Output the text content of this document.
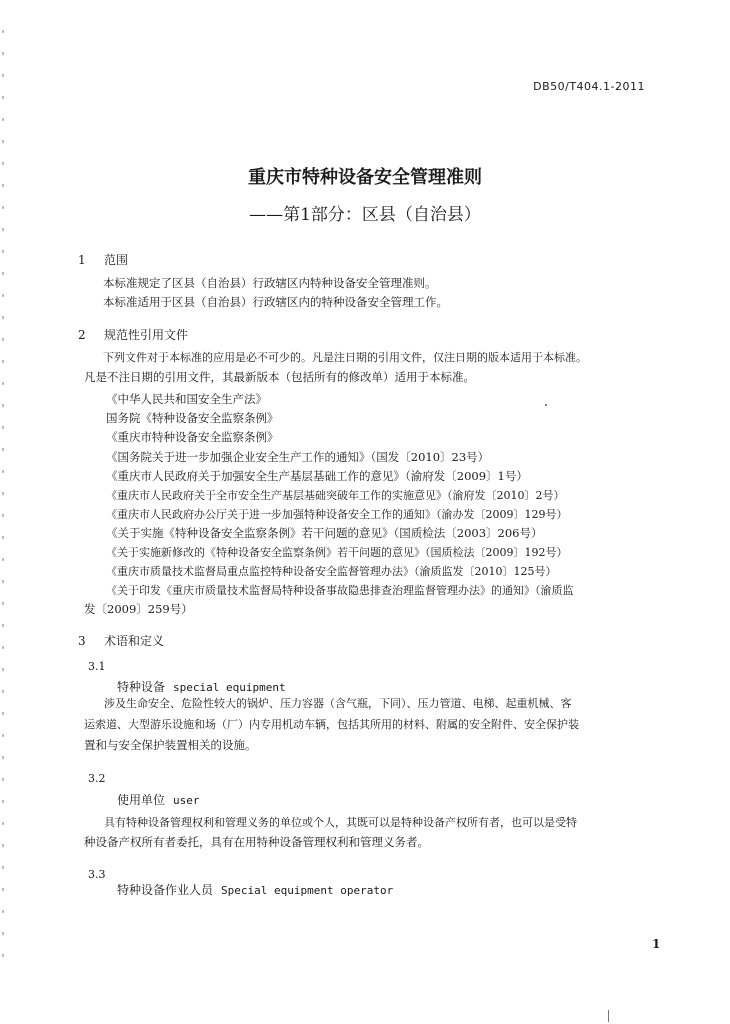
DB50/T404.1-2011
重庆市特种设备安全管理准则
——第1部分：区县（自治县）
1 范围
本标准规定了区县（自治县）行政辖区内特种设备安全管理准则。
本标准适用于区县（自治县）行政辖区内的特种设备安全管理工作。
2 规范性引用文件
下列文件对于本标准的应用是必不可少的。凡是注日期的引用文件，仅注日期的版本适用于本标准。
凡是不注日期的引用文件，其最新版本（包括所有的修改单）适用于本标准。
《中华人民共和国安全生产法》
国务院《特种设备安全监察条例》
《重庆市特种设备安全监察条例》
《国务院关于进一步加强企业安全生产工作的通知》（国发〔2010〕23号）
《重庆市人民政府关于加强安全生产基层基础工作的意见》（渝府发〔2009〕1号）
《重庆市人民政府关于全市安全生产基层基础突破年工作的实施意见》（渝府发〔2010〕2号）
《重庆市人民政府办公厅关于进一步加强特种设备安全工作的通知》（渝办发〔2009〕129号）
《关于实施《特种设备安全监察条例》若干问题的意见》（国质检法〔2003〕206号）
《关于实施新修改的《特种设备安全监察条例》若干问题的意见》（国质检法〔2009〕192号）
《重庆市质量技术监督局重点监控特种设备安全监督管理办法》（渝质监发〔2010〕125号）
《关于印发《重庆市质量技术监督局特种设备事故隐患排查治理监督管理办法》的通知》（渝质监
发〔2009〕259号）
3 术语和定义
3.1
特种设备 special equipment
涉及生命安全、危险性较大的锅炉、压力容器（含气瓶，下同）、压力管道、电梯、起重机械、客
运索道、大型游乐设施和场（厂）内专用机动车辆，包括其所用的材料、附属的安全附件、安全保护装
置和与安全保护装置相关的设施。
3.2
使用单位 user
具有特种设备管理权利和管理义务的单位或个人，其既可以是特种设备产权所有者，也可以是受特
种设备产权所有者委托，具有在用特种设备管理权利和管理义务者。
3.3
特种设备作业人员 Special equipment operator
1
